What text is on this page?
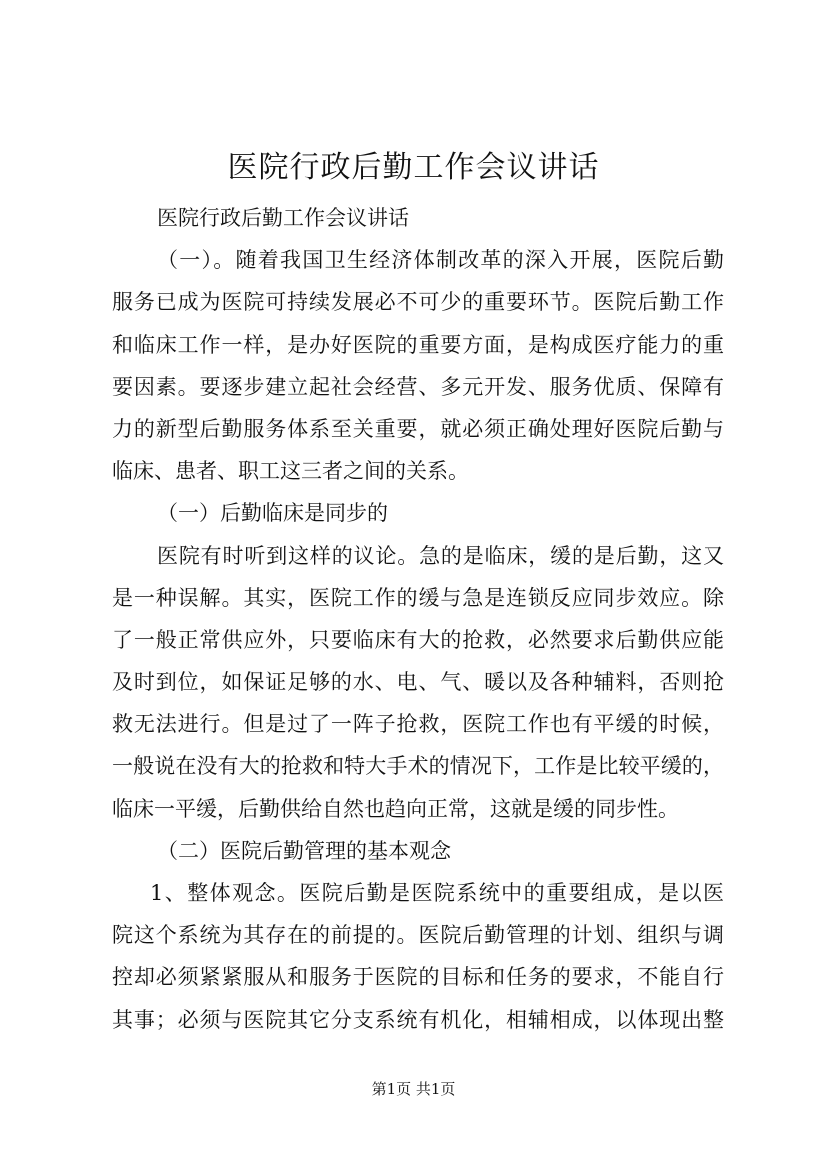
医院行政后勤工作会议讲话
医院行政后勤工作会议讲话
（一）。随着我国卫生经济体制改革的深入开展，医院后勤
服务已成为医院可持续发展必不可少的重要环节。医院后勤工作
和临床工作一样，是办好医院的重要方面，是构成医疗能力的重
要因素。要逐步建立起社会经营、多元开发、服务优质、保障有
力的新型后勤服务体系至关重要，就必须正确处理好医院后勤与
临床、患者、职工这三者之间的关系。
（一）后勤临床是同步的
医院有时听到这样的议论。急的是临床，缓的是后勤，这又
是一种误解。其实，医院工作的缓与急是连锁反应同步效应。除
了一般正常供应外，只要临床有大的抢救，必然要求后勤供应能
及时到位，如保证足够的水、电、气、暖以及各种辅料，否则抢
救无法进行。但是过了一阵子抢救，医院工作也有平缓的时候，
一般说在没有大的抢救和特大手术的情况下，工作是比较平缓的，
临床一平缓，后勤供给自然也趋向正常，这就是缓的同步性。
（二）医院后勤管理的基本观念
1、整体观念。医院后勤是医院系统中的重要组成，是以医
院这个系统为其存在的前提的。医院后勤管理的计划、组织与调
控却必须紧紧服从和服务于医院的目标和任务的要求，不能自行
其事；必须与医院其它分支系统有机化，相辅相成，以体现出整
第1页 共1页
